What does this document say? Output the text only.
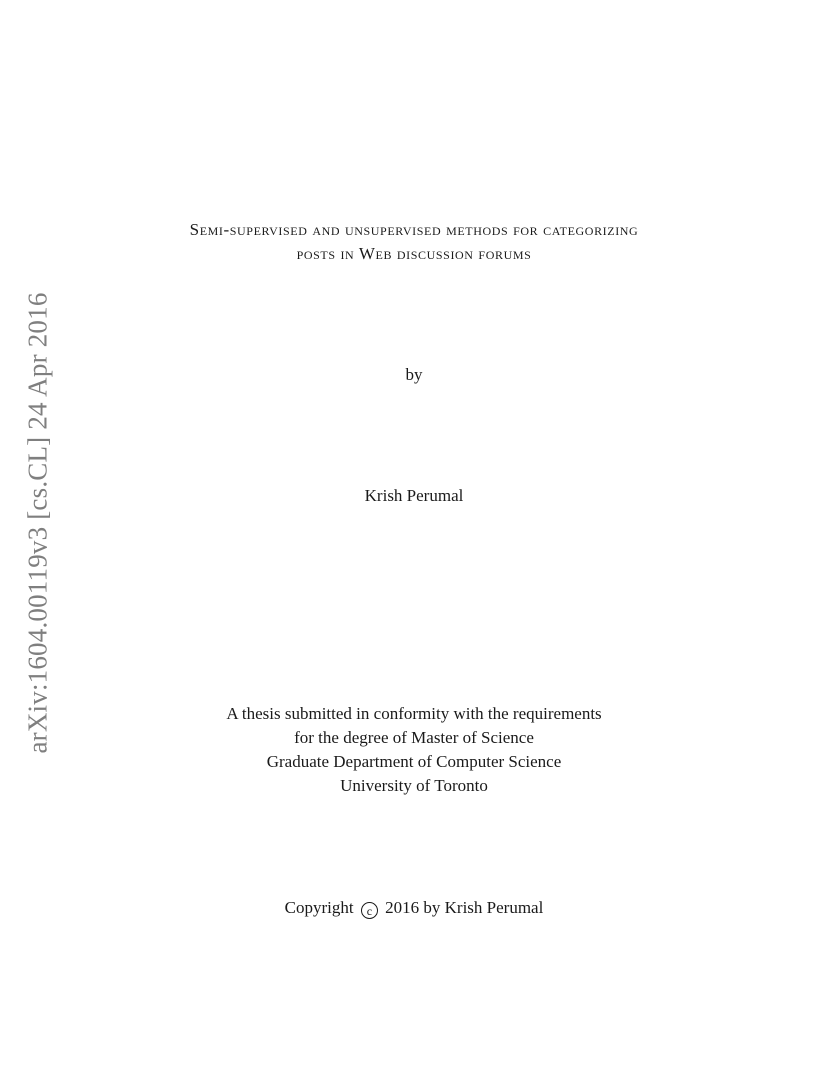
arXiv:1604.00119v3 [cs.CL] 24 Apr 2016
Semi-supervised and unsupervised methods for categorizing
posts in Web discussion forums
by
Krish Perumal
A thesis submitted in conformity with the requirements
for the degree of Master of Science
Graduate Department of Computer Science
University of Toronto
Copyright c 2016 by Krish Perumal
